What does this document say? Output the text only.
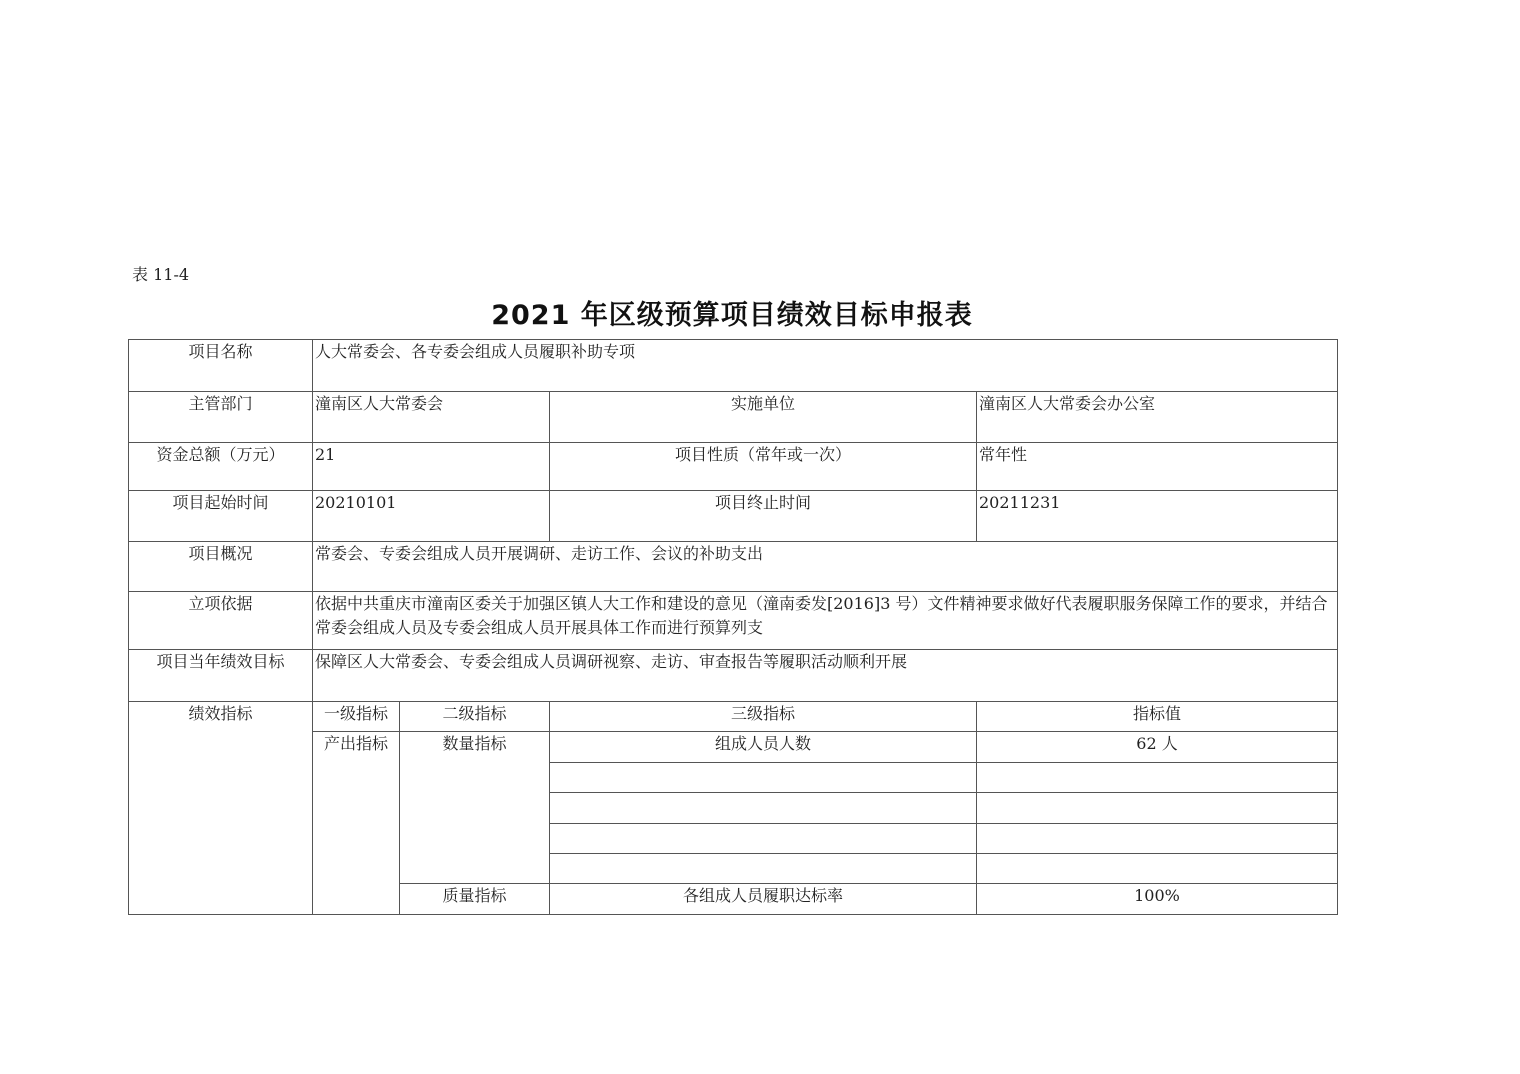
表 11-4
2021 年区级预算项目绩效目标申报表
项目名称	人大常委会、各专委会组成人员履职补助专项			
主管部门	潼南区人大常委会		实施单位	潼南区人大常委会办公室
资金总额（万元）	21		项目性质（常年或一次）	常年性
项目起始时间	20210101		项目终止时间	20211231
项目概况	常委会、专委会组成人员开展调研、走访工作、会议的补助支出			
立项依据	依据中共重庆市潼南区委关于加强区镇人大工作和建设的意见（潼南委发[2016]3 号）文件精神要求做好代表履职服务保障工作的要求，并结合常委会组成人员及专委会组成人员开展具体工作而进行预算列支			
项目当年绩效目标	保障区人大常委会、专委会组成人员调研视察、走访、审查报告等履职活动顺利开展			
绩效指标	一级指标	二级指标	三级指标	指标值
	产出指标	数量指标	组成人员人数	62 人

		质量指标	各组成人员履职达标率	100%
